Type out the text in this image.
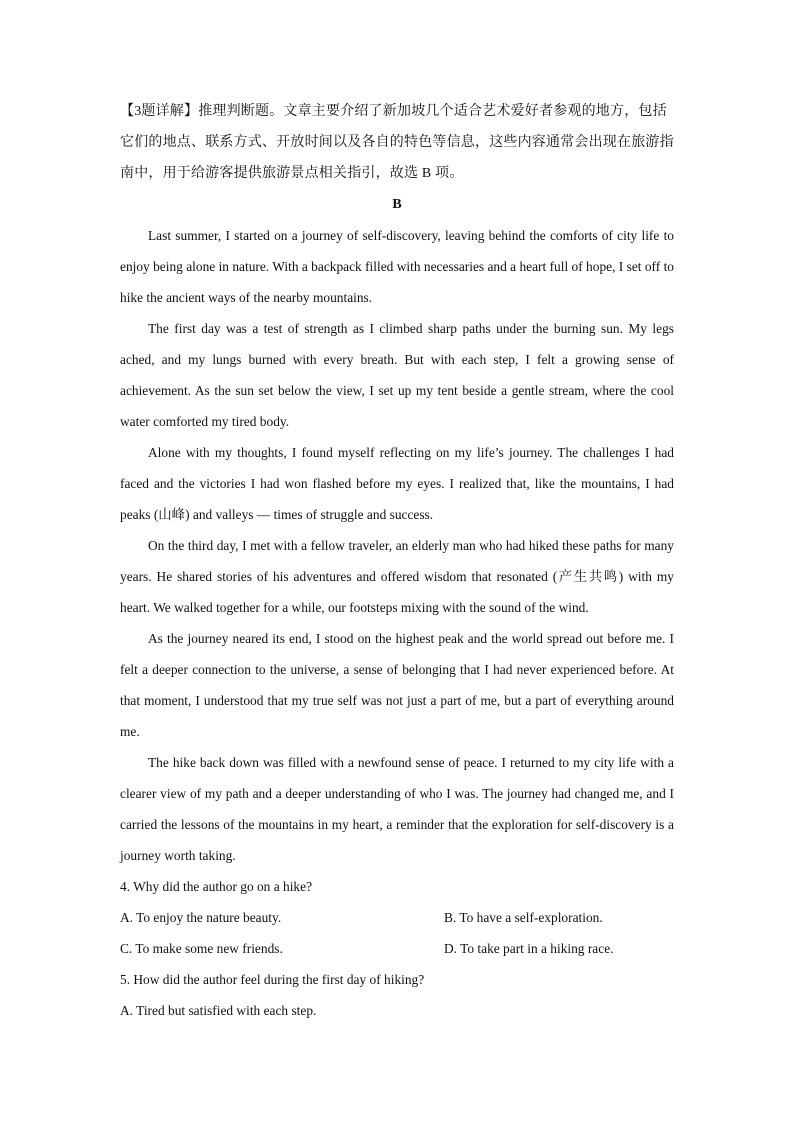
【3题详解】推理判断题。文章主要介绍了新加坡几个适合艺术爱好者参观的地方，包括它们的地点、联系方式、开放时间以及各自的特色等信息，这些内容通常会出现在旅游指南中，用于给游客提供旅游景点相关指引，故选 B 项。

B

Last summer, I started on a journey of self-discovery, leaving behind the comforts of city life to enjoy being alone in nature. With a backpack filled with necessaries and a heart full of hope, I set off to hike the ancient ways of the nearby mountains.

The first day was a test of strength as I climbed sharp paths under the burning sun. My legs ached, and my lungs burned with every breath. But with each step, I felt a growing sense of achievement. As the sun set below the view, I set up my tent beside a gentle stream, where the cool water comforted my tired body.

Alone with my thoughts, I found myself reflecting on my life’s journey. The challenges I had faced and the victories I had won flashed before my eyes. I realized that, like the mountains, I had peaks (山峰) and valleys — times of struggle and success.

On the third day, I met with a fellow traveler, an elderly man who had hiked these paths for many years. He shared stories of his adventures and offered wisdom that resonated (产生共鸣) with my heart. We walked together for a while, our footsteps mixing with the sound of the wind.

As the journey neared its end, I stood on the highest peak and the world spread out before me. I felt a deeper connection to the universe, a sense of belonging that I had never experienced before. At that moment, I understood that my true self was not just a part of me, but a part of everything around me.

The hike back down was filled with a newfound sense of peace. I returned to my city life with a clearer view of my path and a deeper understanding of who I was. The journey had changed me, and I carried the lessons of the mountains in my heart, a reminder that the exploration for self-discovery is a journey worth taking.

4. Why did the author go on a hike?

A. To enjoy the nature beauty.	B. To have a self-exploration.
C. To make some new friends.	D. To take part in a hiking race.

5. How did the author feel during the first day of hiking?

A. Tired but satisfied with each step.
